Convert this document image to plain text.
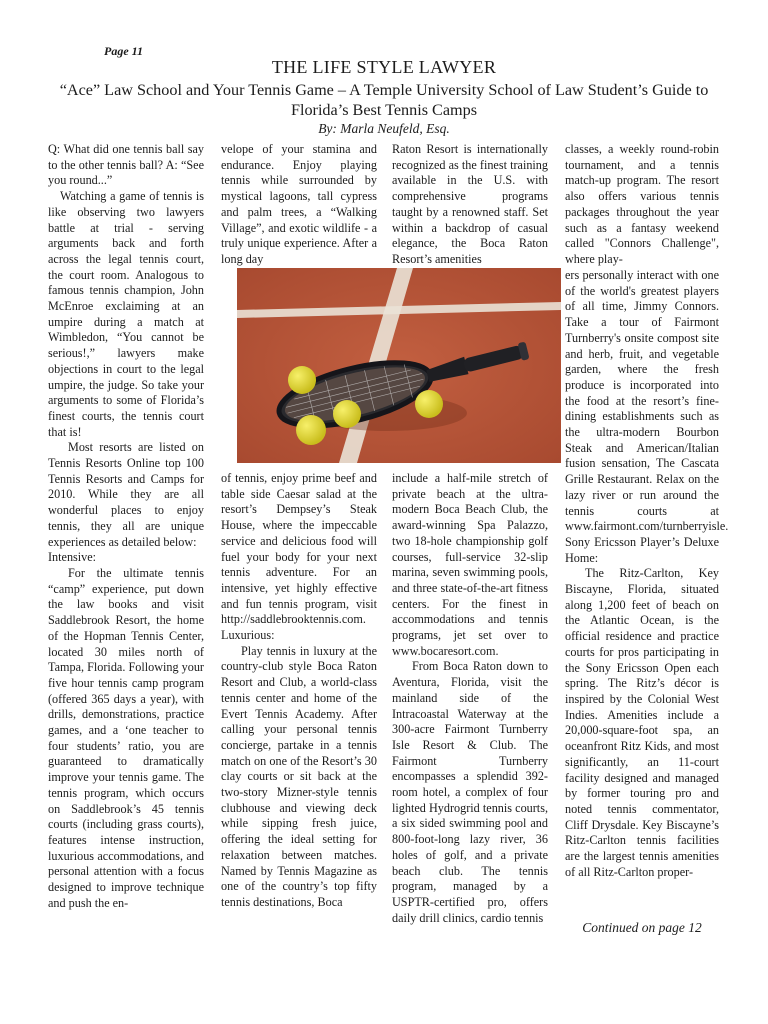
Page 11
THE LIFE STYLE LAWYER
“Ace” Law School and Your Tennis Game – A Temple University School of Law Student’s Guide to Florida’s Best Tennis Camps
By: Marla Neufeld, Esq.

Q: What did one tennis ball say to the other tennis ball? A: “See you round...”

Watching a game of tennis is like observing two lawyers battle at trial - serving arguments back and forth across the legal tennis court, the court room. Analogous to famous tennis champion, John McEnroe exclaiming at an umpire during a match at Wimbledon, “You cannot be serious!,” lawyers make objections in court to the legal umpire, the judge. So take your arguments to some of Florida’s finest courts, the tennis court that is!

Most resorts are listed on Tennis Resorts Online top 100 Tennis Resorts and Camps for 2010. While they are all wonderful places to enjoy tennis, they all are unique experiences as detailed below:

Intensive:

For the ultimate tennis “camp” experience, put down the law books and visit Saddlebrook Resort, the home of the Hopman Tennis Center, located 30 miles north of Tampa, Florida. Following your five hour tennis camp program (offered 365 days a year), with drills, demonstrations, practice games, and a ‘one teacher to four students’ ratio, you are guaranteed to dramatically improve your tennis game. The tennis program, which occurs on Saddlebrook’s 45 tennis courts (including grass courts), features intense instruction, luxurious accommodations, and personal attention with a focus designed to improve technique and push the en-

velope of your stamina and endurance. Enjoy playing tennis while surrounded by mystical lagoons, tall cypress and palm trees, a “Walking Village”, and exotic wildlife - a truly unique experience. After a long day

Raton Resort is internationally recognized as the finest training available in the U.S. with comprehensive programs taught by a renowned staff. Set within a backdrop of casual elegance, the Boca Raton Resort’s amenities

of tennis, enjoy prime beef and table side Caesar salad at the resort’s Dempsey’s Steak House, where the impeccable service and delicious food will fuel your body for your next tennis adventure. For an intensive, yet highly effective and fun tennis program, visit http://saddlebrooktennis.com.

Luxurious:

Play tennis in luxury at the country-club style Boca Raton Resort and Club, a world-class tennis center and home of the Evert Tennis Academy. After calling your personal tennis concierge, partake in a tennis match on one of the Resort’s 30 clay courts or sit back at the two-story Mizner-style tennis clubhouse and viewing deck while sipping fresh juice, offering the ideal setting for relaxation between matches. Named by Tennis Magazine as one of the country’s top fifty tennis destinations, Boca

include a half-mile stretch of private beach at the ultra-modern Boca Beach Club, the award-winning Spa Palazzo, two 18-hole championship golf courses, full-service 32-slip marina, seven swimming pools, and three state-of-the-art fitness centers. For the finest in accommodations and tennis programs, jet set over to www.bocaresort.com.

From Boca Raton down to Aventura, Florida, visit the mainland side of the Intracoastal Waterway at the 300-acre Fairmont Turnberry Isle Resort & Club. The Fairmont Turnberry encompasses a splendid 392-room hotel, a complex of four lighted Hydrogrid tennis courts, a six sided swimming pool and 800-foot-long lazy river, 36 holes of golf, and a private beach club. The tennis program, managed by a USPTR-certified pro, offers daily drill clinics, cardio tennis

classes, a weekly round-robin tournament, and a tennis match-up program. The resort also offers various tennis packages throughout the year such as a fantasy weekend called "Connors Challenge", where play-

ers personally interact with one of the world's greatest players of all time, Jimmy Connors. Take a tour of Fairmont Turnberry's onsite compost site and herb, fruit, and vegetable garden, where the fresh produce is incorporated into the food at the resort’s fine-dining establishments such as the ultra-modern Bourbon Steak and American/Italian fusion sensation, The Cascata Grille Restaurant. Relax on the lazy river or run around the tennis courts at www.fairmont.com/turnberryisle.

Sony Ericsson Player’s Deluxe Home:

The Ritz-Carlton, Key Biscayne, Florida, situated along 1,200 feet of beach on the Atlantic Ocean, is the official residence and practice courts for pros participating in the Sony Ericsson Open each spring. The Ritz’s décor is inspired by the Colonial West Indies. Amenities include a 20,000-square-foot spa, an oceanfront Ritz Kids, and most significantly, an 11-court facility designed and managed by former touring pro and noted tennis commentator, Cliff Drysdale. Key Biscayne’s Ritz-Carlton tennis facilities are the largest tennis amenities of all Ritz-Carlton proper-

Continued on page 12
